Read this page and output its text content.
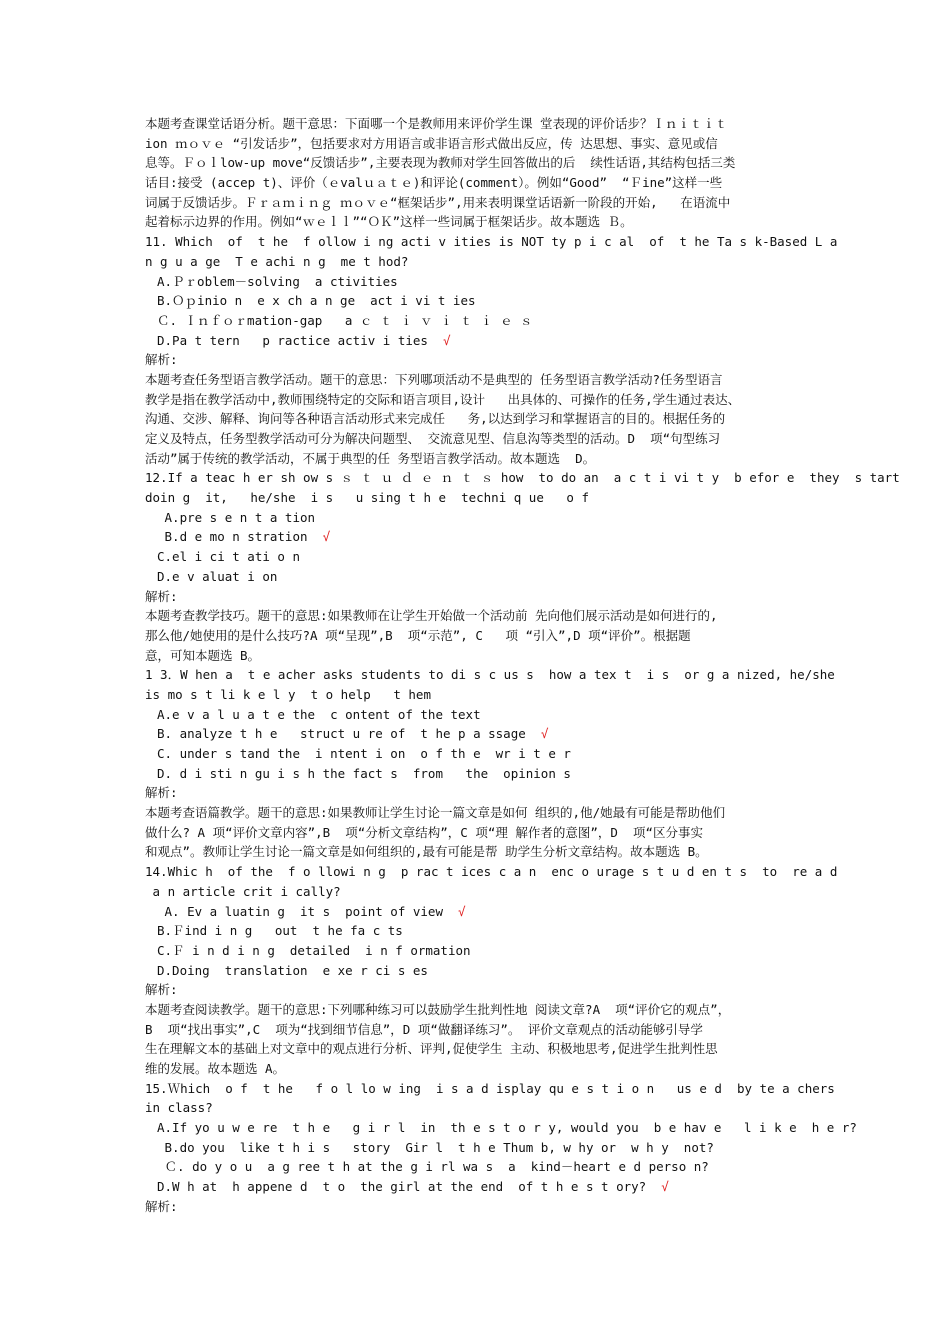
本题考查课堂话语分析。题干意思：下面哪一个是教师用来评价学生课 堂表现的评价话步？Ｉｎｉｔｉｔ
ion ｍｏｖｅ “引发话步”，包括要求对方用语言或非语言形式做出反应，传 达思想、事实、意见或信
息等。Ｆｏｌlow-up move“反馈话步”,主要表现为教师对学生回答做出的后  续性话语,其结构包括三类
话目:接受 (accep t)、评价（ｅvalｕａｔｅ)和评论(comment）。例如“Good”  “Ｆine”这样一些
词属于反馈话步。Ｆｒａｍｉｎｇ ｍｏｖｅ“框架话步”,用来表明课堂话语新一阶段的开始,   在语流中
起着标示边界的作用。例如“ｗｅｌｌ”“ＯＫ”这样一些词属于框架话步。故本题选 Ｂ。
11. Which  of  t he  f ollow i ng acti v ities is NOT ty p i c al  of  t he Ta s k-Based L a
n g u a ge  T e achi n g  me t hod?
A.Ｐｒoblem－solving  a ctivities
B.Ｏｐinio n  e x ch a n ge  act i vi t ies
Ｃ. Ｉｎｆｏｒmation-gap   a ｃ ｔ ｉ ｖ ｉ ｔ ｉ ｅ ｓ
D.Pa t tern   p ractice activ i ties √
解析:
本题考查任务型语言教学活动。题干的意思：下列哪项活动不是典型的 任务型语言教学活动?任务型语言
教学是指在教学活动中,教师围绕特定的交际和语言项目,设计   出具体的、可操作的任务,学生通过表达、
沟通、交涉、解释、询问等各种语言活动形式来完成任   务,以达到学习和掌握语言的目的。根据任务的
定义及特点，任务型教学活动可分为解决问题型、 交流意见型、信息沟等类型的活动。D  项“句型练习
活动”属于传统的教学活动，不属于典型的任 务型语言教学活动。故本题选  D。
12.If a teac h er sh ow s ｓ ｔ ｕ ｄ ｅ ｎ ｔ ｓ how  to do an  a c t i vi t y  b efor e  they  s tart
doin g  it,   he/she  i s   u sing t h e  techni q ue   o f
A.pre s e n t a tion
B.d e mo n stration √
C.el i ci t ati o n
D.e v aluat i on
解析:
本题考查教学技巧。题干的意思:如果教师在让学生开始做一个活动前 先向他们展示活动是如何进行的,
那么他/她使用的是什么技巧?A 项“呈现”,B  项“示范”, C   项 “引入”,D 项“评价”。根据题
意，可知本题选 B。
1 3．W hen a  t e acher asks students to di s c us s  how a tex t  i s  or g a nized, he/she
is mo s t li k e l y  t o help   t hem
A.e v a l u a t e the  c ontent of the text
B. analyze t h e   struct u re of  t he p a ssage √
C. under s tand the  i ntent i on  o f th e  wr i t e r
D. d i sti n gu i s h the fact s  from   the  opinion s
解析:
本题考查语篇教学。题干的意思:如果教师让学生讨论一篇文章是如何 组织的,他/她最有可能是帮助他们
做什么? A 项“评价文章内容”,B  项“分析文章结构”，C 项“理 解作者的意图”，D  项“区分事实
和观点”。教师让学生讨论一篇文章是如何组织的,最有可能是帮 助学生分析文章结构。故本题选 B。
14.Whic h  of the  f o llowi n g  p rac t ices c a n  enc o urage s t u d en t s  to  re a d
a n article crit i cally?
A. Ev a luatin g  it s  point of view  √
B.Ｆind i n g   out  t he fa c ts
C.Ｆ i n d i n g  detailed  i n f ormation
D.Doing  translation  e xe r ci s es
解析:
本题考查阅读教学。题干的意思:下列哪种练习可以鼓励学生批判性地 阅读文章?A  项“评价它的观点”，
B  项“找出事实”,C  项为“找到细节信息”，D 项“做翻译练习”。 评价文章观点的活动能够引导学
生在理解文本的基础上对文章中的观点进行分析、评判,促使学生 主动、积极地思考,促进学生批判性思
维的发展。故本题选 A。
15.Ｗhich  o f  t he   f o l lo w ing  i s a d isplay qu e s t i o n   us e d  by te a chers
in class?
A.If yo u w e re  t h e   g i r l  in  th e s t o r y, would you  b e hav e   l i k e  h e r?
B.do you  like t h i s   story  Gir l  t h e Thum b, w hy or  w h y  not?
Ｃ. do y o u  a g ree t h at the g i rl wa s  a  kind－heart e d perso n?
D.W h at  h appene d  t o  the girl at the end  of t h e s t ory? √
解析:
